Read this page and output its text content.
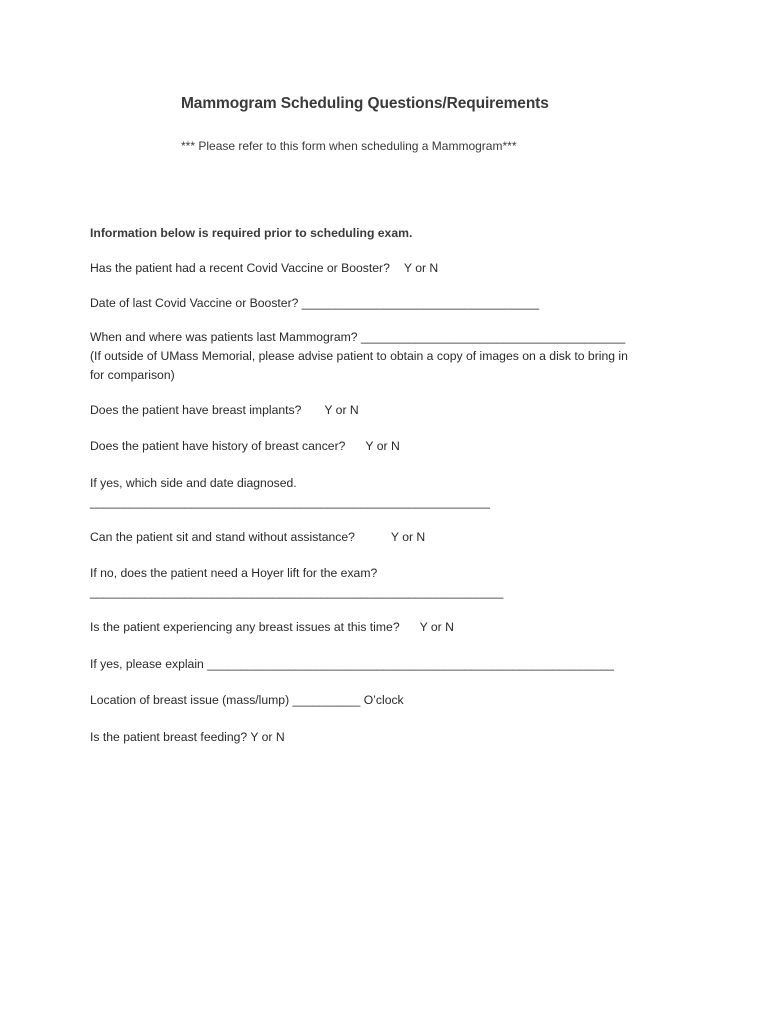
Mammogram Scheduling Questions/Requirements
*** Please refer to this form when scheduling a Mammogram***
Information below is required prior to scheduling exam.
Has the patient had a recent Covid Vaccine or Booster? Y or N
Date of last Covid Vaccine or Booster? ___________________________________
When and where was patients last Mammogram? _______________________________________
(If outside of UMass Memorial, please advise patient to obtain a copy of images on a disk to bring in
for comparison)
Does the patient have breast implants? Y or N
Does the patient have history of breast cancer? Y or N
If yes, which side and date diagnosed.
___________________________________________________________
Can the patient sit and stand without assistance?	Y or N
If no, does the patient need a Hoyer lift for the exam?
_____________________________________________________________
Is the patient experiencing any breast issues at this time? Y or N
If yes, please explain ____________________________________________________________
Location of breast issue (mass/lump) __________ O’clock
Is the patient breast feeding? Y or N
